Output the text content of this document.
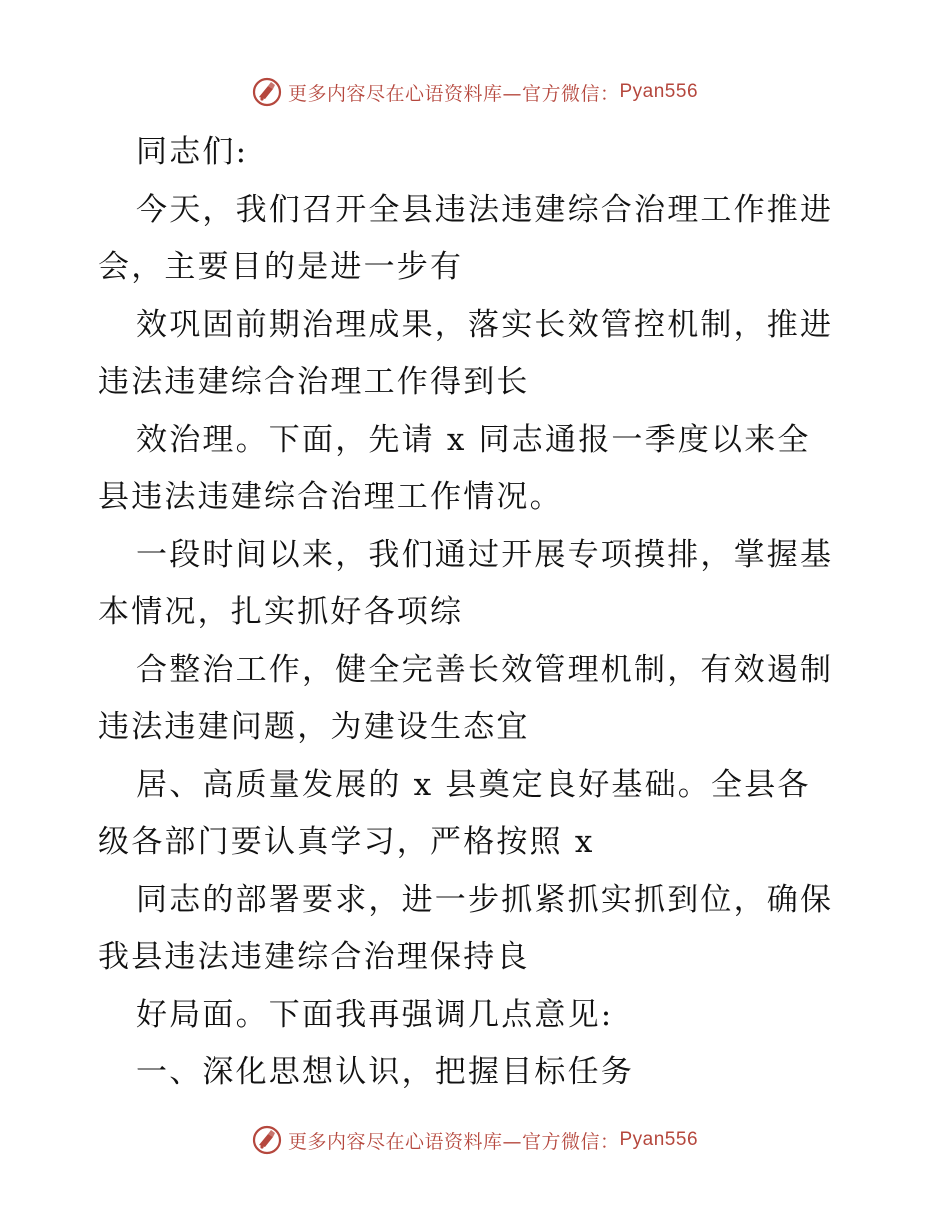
更多内容尽在心语资料库—官方微信： Pyan556
同志们:
今天，我们召开全县违法违建综合治理工作推进
会，主要目的是进一步有
效巩固前期治理成果，落实长效管控机制，推进
违法违建综合治理工作得到长
效治理。下面，先请 x 同志通报一季度以来全
县违法违建综合治理工作情况。
一段时间以来，我们通过开展专项摸排，掌握基
本情况，扎实抓好各项综
合整治工作，健全完善长效管理机制，有效遏制
违法违建问题，为建设生态宜
居、高质量发展的 x 县奠定良好基础。全县各
级各部门要认真学习，严格按照 x
同志的部署要求，进一步抓紧抓实抓到位，确保
我县违法违建综合治理保持良
好局面。下面我再强调几点意见:
一、深化思想认识，把握目标任务
更多内容尽在心语资料库—官方微信： Pyan556
